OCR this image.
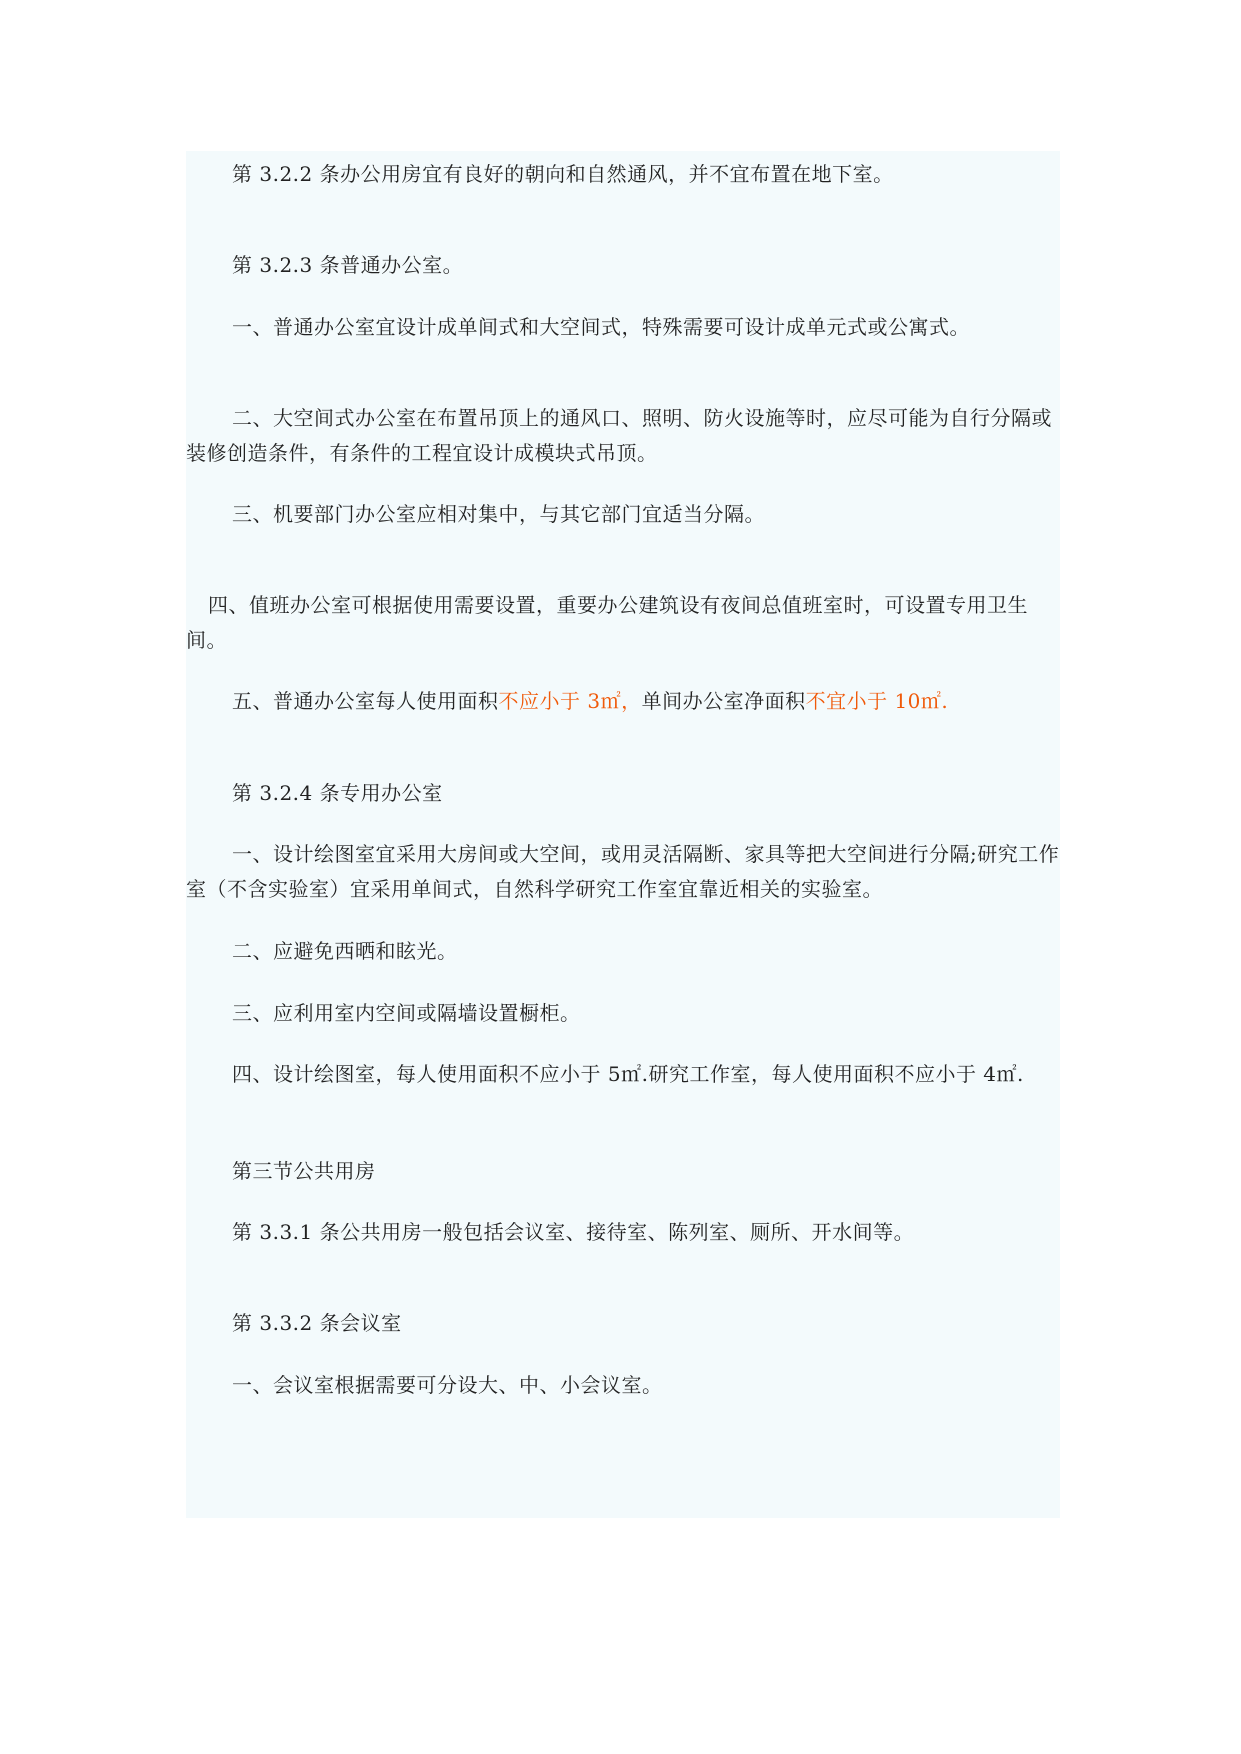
第 3.2.2 条办公用房宜有良好的朝向和自然通风，并不宜布置在地下室。

第 3.2.3 条普通办公室。

一、普通办公室宜设计成单间式和大空间式，特殊需要可设计成单元式或公寓式。

二、大空间式办公室在布置吊顶上的通风口、照明、防火设施等时，应尽可能为自行分隔或装修创造条件，有条件的工程宜设计成模块式吊顶。

三、机要部门办公室应相对集中，与其它部门宜适当分隔。

四、值班办公室可根据使用需要设置，重要办公建筑设有夜间总值班室时，可设置专用卫生间。

五、普通办公室每人使用面积不应小于 3㎡，单间办公室净面积不宜小于 10㎡.

第 3.2.4 条专用办公室

一、设计绘图室宜采用大房间或大空间，或用灵活隔断、家具等把大空间进行分隔;研究工作室（不含实验室）宜采用单间式，自然科学研究工作室宜靠近相关的实验室。

二、应避免西晒和眩光。

三、应利用室内空间或隔墙设置橱柜。

四、设计绘图室，每人使用面积不应小于 5㎡.研究工作室，每人使用面积不应小于 4㎡.

第三节公共用房

第 3.3.1 条公共用房一般包括会议室、接待室、陈列室、厕所、开水间等。

第 3.3.2 条会议室

一、会议室根据需要可分设大、中、小会议室。
